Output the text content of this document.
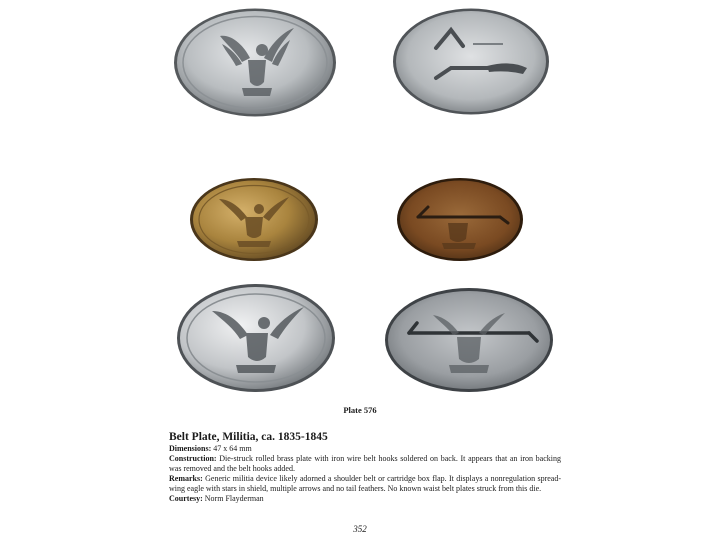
Plate 576
Belt Plate, Militia, ca. 1835-1845

Dimensions: 47 x 64 mm

Construction: Die-struck rolled brass plate with iron wire belt hooks soldered on back. It appears that an iron backing was removed and the belt hooks added.

Remarks: Generic militia device likely adorned a shoulder belt or cartridge box flap. It displays a nonregulation spread-wing eagle with stars in shield, multiple arrows and no tail feathers. No known waist belt plates struck from this die.

Courtesy: Norm Flayderman

352
